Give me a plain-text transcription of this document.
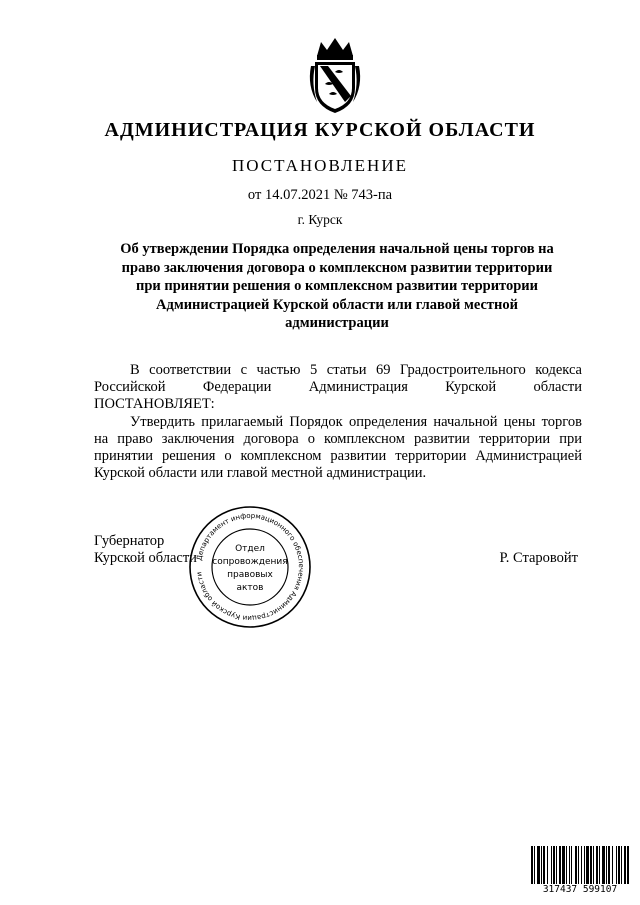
АДМИНИСТРАЦИЯ КУРСКОЙ ОБЛАСТИ
ПОСТАНОВЛЕНИЕ
от 14.07.2021 № 743-па
г. Курск
Об утверждении Порядка определения начальной цены торгов на право заключения договора о комплексном развитии территории при принятии решения о комплексном развитии территории Администрацией Курской области или главой местной администрации
В соответствии с частью 5 статьи 69 Градостроительного кодекса Российской Федерации Администрация Курской области
ПОСТАНОВЛЯЕТ:
Утвердить прилагаемый Порядок определения начальной цены торгов на право заключения договора о комплексном развитии территории при принятии решения о комплексном развитии территории Администрацией Курской области или главой местной администрации.
Губернатор
Курской области	Р. Старовойт
Департамент информационного обеспечения Администрации Курской области
Отдел
сопровождения
правовых
актов
317437 599107
